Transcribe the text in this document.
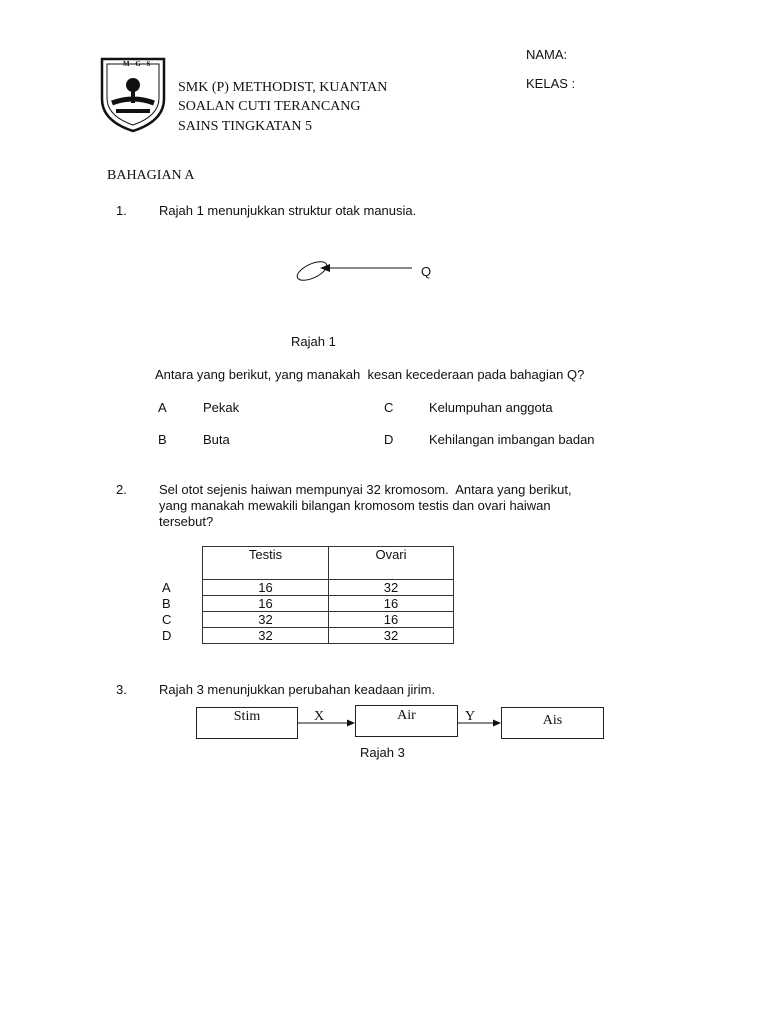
M G S
SMK (P) METHODIST, KUANTAN
SOALAN CUTI TERANCANG
SAINS TINGKATAN 5
NAMA:
KELAS :
BAHAGIAN A
1. Rajah 1 menunjukkan struktur otak manusia.
Q
Rajah 1
Antara yang berikut, yang manakah  kesan kecederaan pada bahagian Q?
A	Pekak	C	Kelumpuhan anggota
B	Buta	D	Kehilangan imbangan badan
2. Sel otot sejenis haiwan mempunyai 32 kromosom.  Antara yang berikut,
yang manakah mewakili bilangan kromosom testis dan ovari haiwan
tersebut?
	Testis	Ovari
A	16	32
B	16	16
C	32	16
D	32	32
3. Rajah 3 menunjukkan perubahan keadaan jirim.
Stim	Air	Ais
X	Y
Rajah 3
